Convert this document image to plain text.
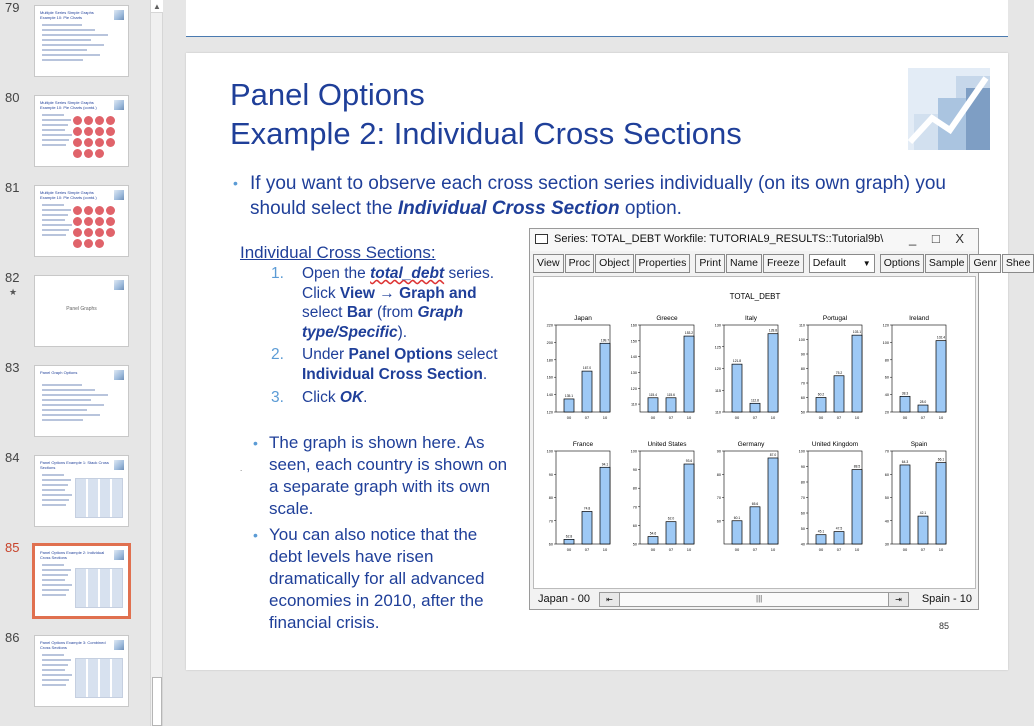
79	Multiple Series Simple Graphs Example 10: Pie Charts
80	Multiple Series Simple Graphs Example 10: Pie Charts (contd.)
81	Multiple Series Simple Graphs Example 10: Pie Charts (contd.)
82
★
Panel Graphs
83	Panel Graph Options
84	Panel Options Example 1: Stack Cross Sections
85	Panel Options Example 2: Individual Cross Sections
86	Panel Options Example 3: Combined Cross Sections
▲
Panel Options
Example 2: Individual Cross Sections
• If you want to observe each cross section series individually (on its own graph) you should select the Individual Cross Section option.
Individual Cross Sections:
1.	Open the total_debt series. Click View → Graph and select Bar (from Graph type/Specific).
2.	Under Panel Options select Individual Cross Section.
3.	Click OK.
.
• The graph is shown here. As seen, each country is shown on a separate graph with its own scale.
• You can also notice that the debt levels have risen dramatically for all advanced economies in 2010, after the financial crisis.
Series: TOTAL_DEBT Workfile: TUTORIAL9_RESULTS::Tutorial9b\ _ □ X
View Proc Object Properties	Print Name Freeze	Default ▼	Options Sample Genr Shee
TOTAL_DEBT
Japan
120
140
160
180
200
220
135.1
00
167.0
07
199.7
10
Greece
110
120
130
140
150
160
115.4
00
115.6
07
153.2
10
Italy
110
115
120
125
130
121.8
00
112.8
07
128.8
10
Portugal
50
60
70
80
90
100
110
60.2
00
75.2
07
103.1
10
Ireland
20
40
60
80
100
120
38.3
00
28.0
07
102.4
10
France
60
70
80
90
100
62.8
00
74.8
07
94.1
10
United States
50
60
70
80
90
100
54.6
00
62.0
07
93.6
10
Germany
60
70
80
90
60.1
00
65.6
07
87.0
10
United Kingdom
40
50
60
70
80
90
100
45.1
00
47.5
07
88.5
10
Spain
30
40
50
60
70
64.3
00
42.1
07
66.1
10
Japan - 00	⇤	|||	⇥	Spain - 10
85
